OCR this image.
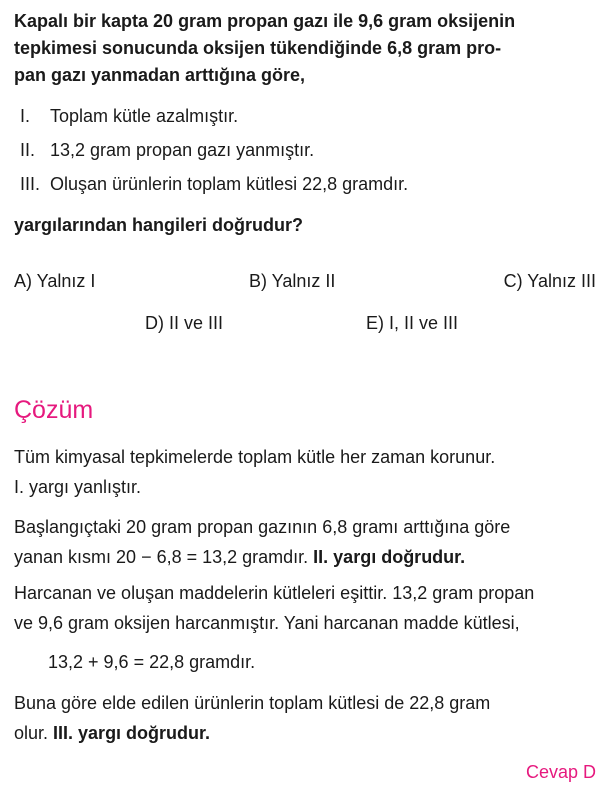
Kapalı bir kapta 20 gram propan gazı ile 9,6 gram oksijenin
tepkimesi sonucunda oksijen tükendiğinde 6,8 gram pro-
pan gazı yanmadan arttığına göre,
I. Toplam kütle azalmıştır.
II. 13,2 gram propan gazı yanmıştır.
III. Oluşan ürünlerin toplam kütlesi 22,8 gramdır.
yargılarından hangileri doğrudur?
A) Yalnız I	B) Yalnız II	C) Yalnız III
D) II ve III	E) I, II ve III
Çözüm
Tüm kimyasal tepkimelerde toplam kütle her zaman korunur.
I. yargı yanlıştır.
Başlangıçtaki 20 gram propan gazının 6,8 gramı arttığına göre
yanan kısmı 20 − 6,8 = 13,2 gramdır. II. yargı doğrudur.
Harcanan ve oluşan maddelerin kütleleri eşittir. 13,2 gram propan
ve 9,6 gram oksijen harcanmıştır. Yani harcanan madde kütlesi,
13,2 + 9,6 = 22,8 gramdır.
Buna göre elde edilen ürünlerin toplam kütlesi de 22,8 gram
olur. III. yargı doğrudur.
Cevap D
